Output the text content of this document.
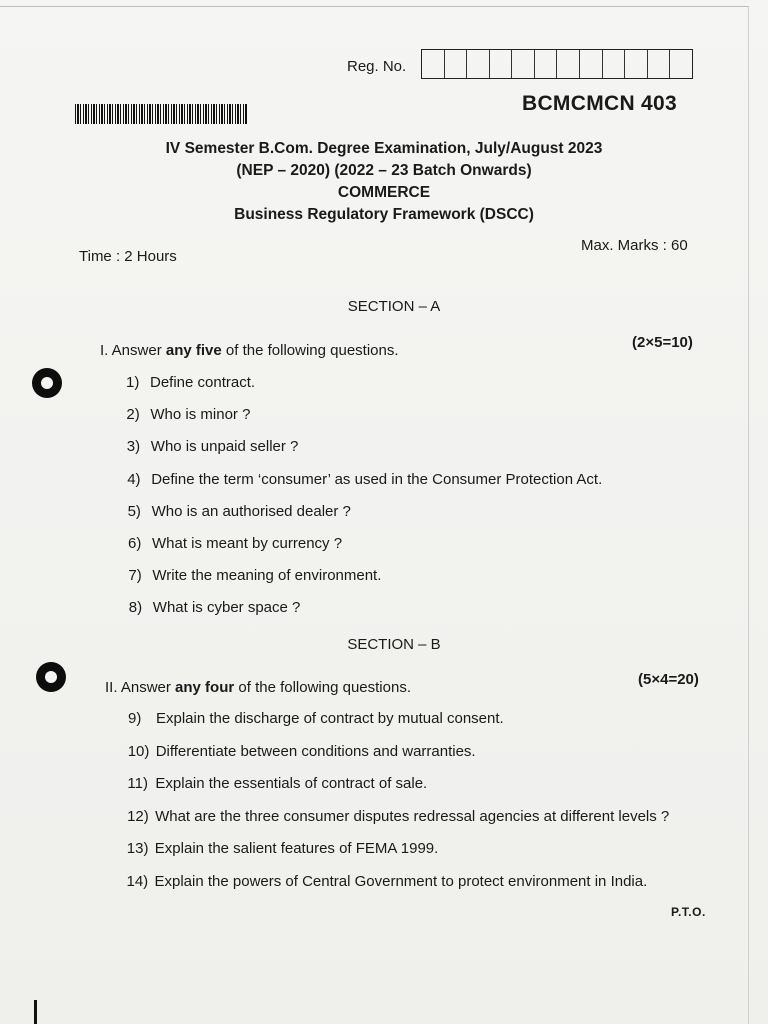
Reg. No.
BCMCMCN 403
IV Semester B.Com. Degree Examination, July/August 2023
(NEP – 2020) (2022 – 23 Batch Onwards)
COMMERCE
Business Regulatory Framework (DSCC)
Time : 2 Hours
Max. Marks : 60
SECTION – A
I. Answer any five of the following questions.	(2×5=10)
1) Define contract.
2) Who is minor ?
3) Who is unpaid seller ?
4) Define the term ‘consumer’ as used in the Consumer Protection Act.
5) Who is an authorised dealer ?
6) What is meant by currency ?
7) Write the meaning of environment.
8) What is cyber space ?
SECTION – B
II. Answer any four of the following questions.	(5×4=20)
9) Explain the discharge of contract by mutual consent.
10) Differentiate between conditions and warranties.
11) Explain the essentials of contract of sale.
12) What are the three consumer disputes redressal agencies at different levels ?
13) Explain the salient features of FEMA 1999.
14) Explain the powers of Central Government to protect environment in India.
P.T.O.
